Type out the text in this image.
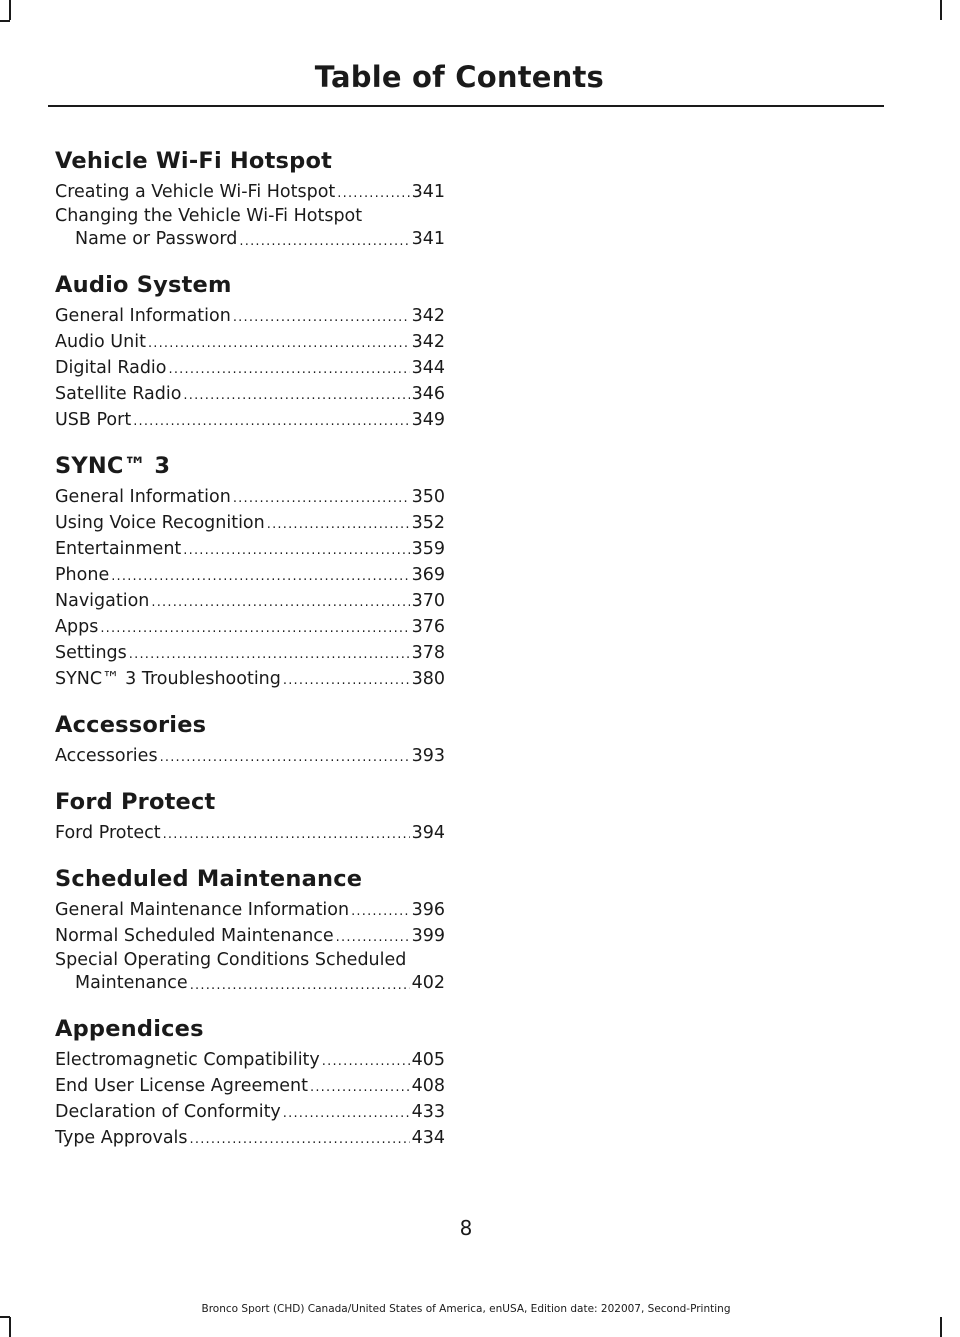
Table of Contents
Vehicle Wi-Fi Hotspot
Creating a Vehicle Wi-Fi Hotspot .....	341
Changing the Vehicle Wi-Fi Hotspot
Name or Password .....	341
Audio System
General Information .....	342
Audio Unit .....	342
Digital Radio .....	344
Satellite Radio .....	346
USB Port .....	349
SYNC™ 3
General Information .....	350
Using Voice Recognition .....	352
Entertainment .....	359
Phone .....	369
Navigation .....	370
Apps .....	376
Settings .....	378
SYNC™ 3 Troubleshooting .....	380
Accessories
Accessories .....	393
Ford Protect
Ford Protect .....	394
Scheduled Maintenance
General Maintenance Information .....	396
Normal Scheduled Maintenance .....	399
Special Operating Conditions Scheduled
Maintenance .....	402
Appendices
Electromagnetic Compatibility .....	405
End User License Agreement .....	408
Declaration of Conformity .....	433
Type Approvals .....	434
8
Bronco Sport (CHD) Canada/United States of America, enUSA, Edition date: 202007, Second-Printing
